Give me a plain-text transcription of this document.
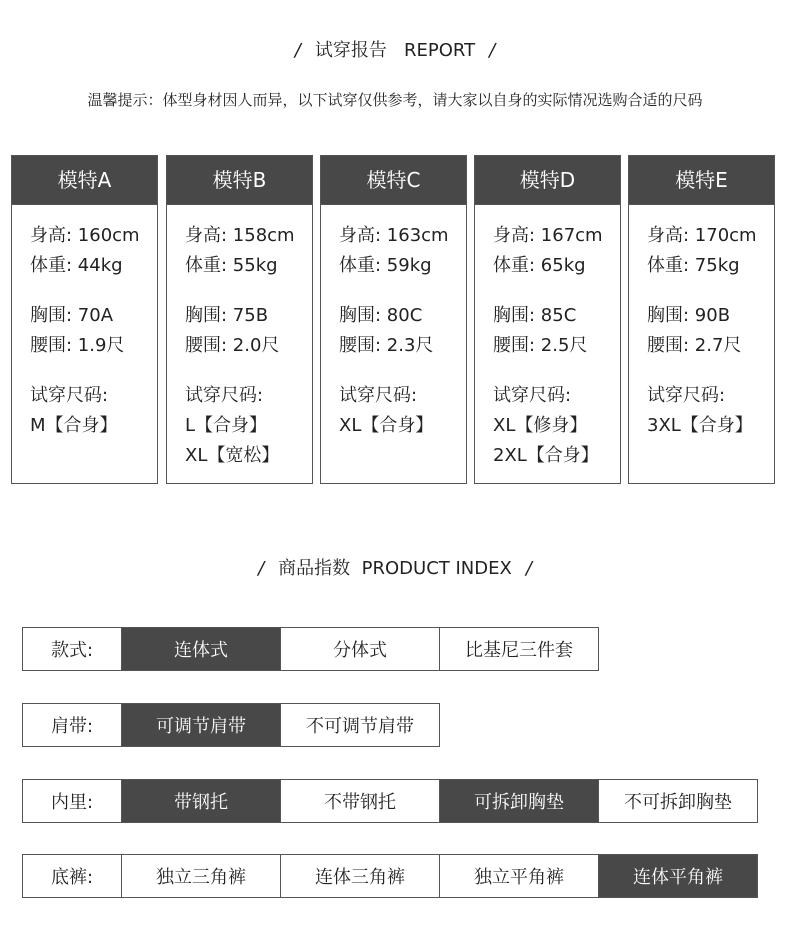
/ 试穿报告 REPORT /
温馨提示：体型身材因人而异，以下试穿仅供参考，请大家以自身的实际情况选购合适的尺码
模特A
身高: 160cm
体重: 44kg
胸围: 70A
腰围: 1.9尺
试穿尺码:
M【合身】
模特B
身高: 158cm
体重: 55kg
胸围: 75B
腰围: 2.0尺
试穿尺码:
L【合身】
XL【宽松】
模特C
身高: 163cm
体重: 59kg
胸围: 80C
腰围: 2.3尺
试穿尺码:
XL【合身】
模特D
身高: 167cm
体重: 65kg
胸围: 85C
腰围: 2.5尺
试穿尺码:
XL【修身】
2XL【合身】
模特E
身高: 170cm
体重: 75kg
胸围: 90B
腰围: 2.7尺
试穿尺码:
3XL【合身】
/ 商品指数 PRODUCT INDEX /
款式:	连体式	分体式	比基尼三件套
肩带:	可调节肩带	不可调节肩带
内里:	带钢托	不带钢托	可拆卸胸垫	不可拆卸胸垫
底裤:	独立三角裤	连体三角裤	独立平角裤	连体平角裤
